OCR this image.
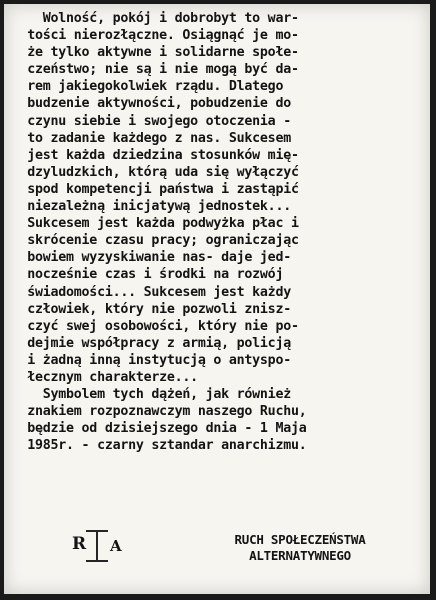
Wolność, pokój i dobrobyt to war-
tości nierozłączne. Osiągnąć je mo-
że tylko aktywne i solidarne społe-
czeństwo; nie są i nie mogą być da-
rem jakiegokolwiek rządu. Dlatego
budzenie aktywności, pobudzenie do
czynu siebie i swojego otoczenia -
to zadanie każdego z nas. Sukcesem
jest każda dziedzina stosunków mię-
dzyludzkich, którą uda się wyłączyć
spod kompetencji państwa i zastąpić
niezależną inicjatywą jednostek...
Sukcesem jest każda podwyżka płac i
skrócenie czasu pracy; ograniczając
bowiem wyzyskiwanie nas- daje jed-
nocześnie czas i środki na rozwój
świadomości... Sukcesem jest każdy
człowiek, który nie pozwoli znisz-
czyć swej osobowości, który nie po-
dejmie współpracy z armią, policją
i żadną inną instytucją o antyspo-
łecznym charakterze...
Symbolem tych dążeń, jak również
znakiem rozpoznawczym naszego Ruchu,
będzie od dzisiejszego dnia - 1 Maja
1985r. - czarny sztandar anarchizmu.
R A	RUCH SPOŁECZEŃSTWA
ALTERNATYWNEGO
